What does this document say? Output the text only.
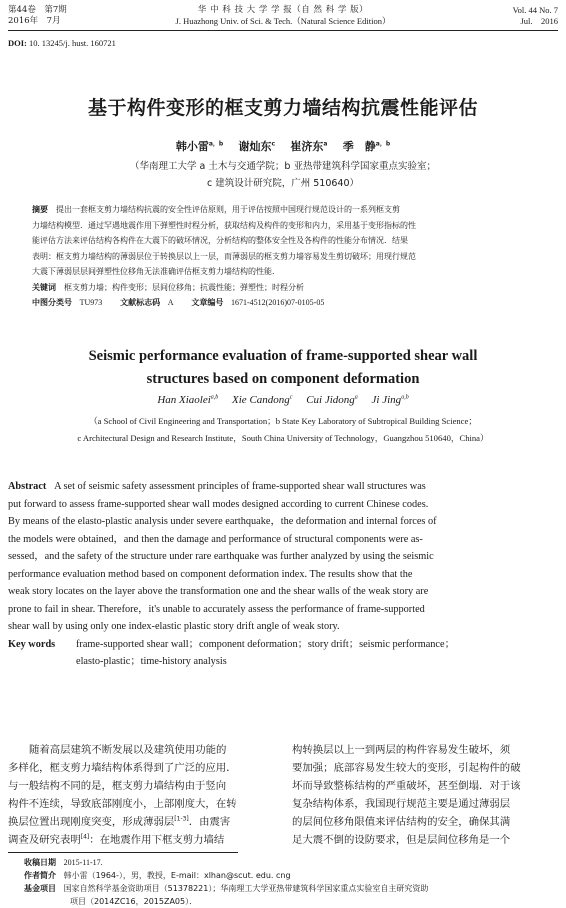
第44卷　第7期
2016年　7月
华 中 科 技 大 学 学 报（自 然 科 学 版）
J. Huazhong Univ. of Sci. & Tech.（Natural Science Edition）
Vol. 44 No. 7
Jul.　2016
DOI: 10. 13245/j. hust. 160721
基于构件变形的框支剪力墙结构抗震性能评估
韩小雷$^{a,b}$ 谢灿东$^c$ 崔济东$^a$ 季　静$^{a,b}$
（华南理工大学 a 土木与交通学院；b 亚热带建筑科学国家重点实验室；
c 建筑设计研究院，广州 510640）
摘要　 提出一套框支剪力墙结构抗震的安全性评估原则，用于评估按照中国现行规范设计的一系列框支剪
力墙结构模型．通过罕遇地震作用下弹塑性时程分析，获取结构及构件的变形和内力，采用基于变形指标的性
能评估方法来评估结构各构件在大震下的破坏情况，分析结构的整体安全性及各构件的性能分布情况．结果
表明：框支剪力墙结构的薄弱层位于转换层以上一层，而薄弱层的框支剪力墙容易发生剪切破坏；用现行规范
大震下薄弱层层间弹塑性位移角无法准确评估框支剪力墙结构的性能．
关键词　 框支剪力墙；构件变形；层间位移角；抗震性能；弹塑性；时程分析
中图分类号 TU973 文献标志码 A 文章编号 1671-4512(2016)07-0105-05
Seismic performance evaluation of frame-supported shear wall
structures based on component deformation
Han Xiaolei$^{a,b}$ Xie Candong$^c$ Cui Jidong$^a$ Ji Jing$^{a,b}$
（a School of Civil Engineering and Transportation；b State Key Laboratory of Subtropical Building Science；
c Architectural Design and Research Institute，South China University of Technology，Guangzhou 510640，China）
Abstract A set of seismic safety assessment principles of frame-supported shear wall structures was
put forward to assess frame-supported shear wall modes designed according to current Chinese codes.
By means of the elasto-plastic analysis under severe earthquake，the deformation and internal forces of
the models were obtained，and then the damage and performance of structural components were as-
sessed，and the safety of the structure under rare earthquake was further analyzed by using the seismic
performance evaluation method based on component deformation index. The results show that the
weak story locates on the layer above the transformation one and the shear walls of the weak story are
prone to fail in shear. Therefore，it's unable to accurately assess the performance of frame-supported
shear wall by using only one index-elastic plastic story drift angle of weak story.
Key words	frame-supported shear wall；component deformation；story drift；seismic performance；
elasto-plastic；time-history analysis
随着高层建筑不断发展以及建筑使用功能的
多样化，框支剪力墙结构体系得到了广泛的应用．
与一般结构不同的是，框支剪力墙结构由于竖向
构件不连续，导致底部刚度小，上部刚度大，在转
换层位置出现刚度突变，形成薄弱层[1-3]．由震害
调查及研究表明[4]：在地震作用下框支剪力墙结
构转换层以上一到两层的构件容易发生破坏，须
要加强；底部容易发生较大的变形，引起构件的破
坏而导致整栋结构的严重破坏，甚至倒塌．对于该
复杂结构体系，我国现行规范主要是通过薄弱层
的层间位移角限值来评估结构的安全，确保其满
足大震不倒的设防要求，但是层间位移角是一个
收稿日期 2015-11-17.
作者简介 韩小雷（1964-），男，教授，E-mail：xlhan@scut. edu. cng
基金项目 国家自然科学基金资助项目（51378221）；华南理工大学亚热带建筑科学国家重点实验室自主研究资助
项目（2014ZC16，2015ZA05）．
